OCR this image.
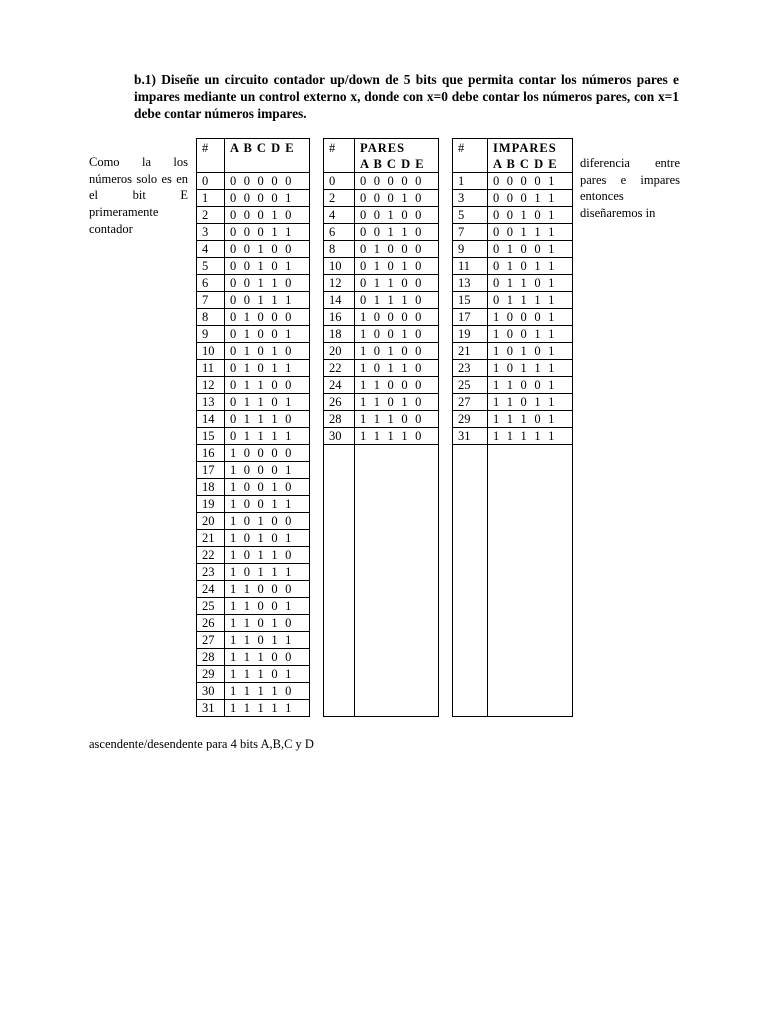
b.1) Diseñe un circuito contador up/down de 5 bits que permita contar los números pares e impares mediante un control externo x, donde con x=0 debe contar los números pares, con x=1 debe contar números impares.
Como la los números solo es en el bit E primeramente contador
diferencia entre pares e impares entonces diseñaremos in
#	A B C D E

0	0 0 0 0 0
1	0 0 0 0 1
2	0 0 0 1 0
3	0 0 0 1 1
4	0 0 1 0 0
5	0 0 1 0 1
6	0 0 1 1 0
7	0 0 1 1 1
8	0 1 0 0 0
9	0 1 0 0 1
10	0 1 0 1 0
11	0 1 0 1 1
12	0 1 1 0 0
13	0 1 1 0 1
14	0 1 1 1 0
15	0 1 1 1 1
16	1 0 0 0 0
17	1 0 0 0 1
18	1 0 0 1 0
19	1 0 0 1 1
20	1 0 1 0 0
21	1 0 1 0 1
22	1 0 1 1 0
23	1 0 1 1 1
24	1 1 0 0 0
25	1 1 0 0 1
26	1 1 0 1 0
27	1 1 0 1 1
28	1 1 1 0 0
29	1 1 1 0 1
30	1 1 1 1 0
31	1 1 1 1 1
#	PARES
A B C D E

0	0 0 0 0 0
2	0 0 0 1 0
4	0 0 1 0 0
6	0 0 1 1 0
8	0 1 0 0 0
10	0 1 0 1 0
12	0 1 1 0 0
14	0 1 1 1 0
16	1 0 0 0 0
18	1 0 0 1 0
20	1 0 1 0 0
22	1 0 1 1 0
24	1 1 0 0 0
26	1 1 0 1 0
28	1 1 1 0 0
30	1 1 1 1 0

#	IMPARES
A B C D E

1	0 0 0 0 1
3	0 0 0 1 1
5	0 0 1 0 1
7	0 0 1 1 1
9	0 1 0 0 1
11	0 1 0 1 1
13	0 1 1 0 1
15	0 1 1 1 1
17	1 0 0 0 1
19	1 0 0 1 1
21	1 0 1 0 1
23	1 0 1 1 1
25	1 1 0 0 1
27	1 1 0 1 1
29	1 1 1 0 1
31	1 1 1 1 1

ascendente/desendente para 4 bits A,B,C y D
